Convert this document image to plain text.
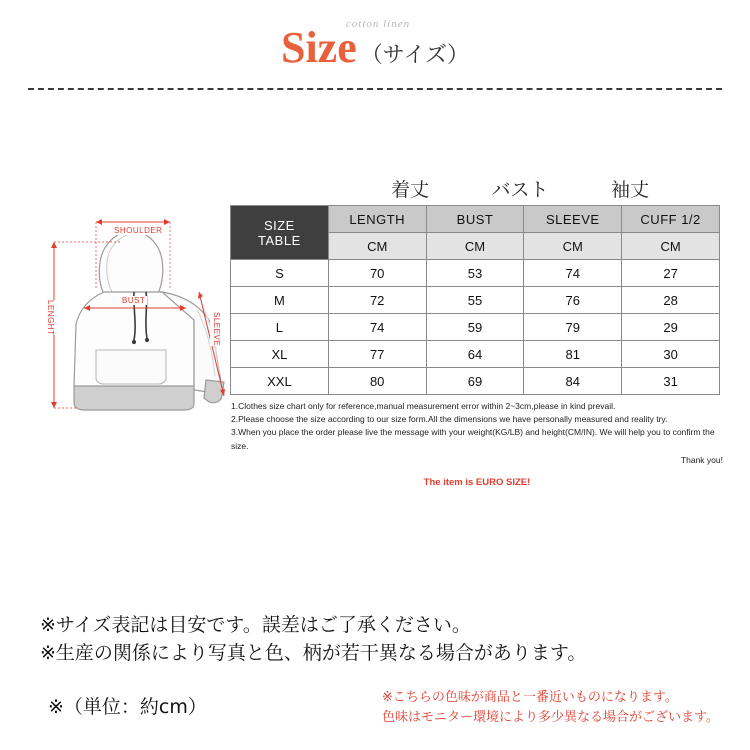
cotton linen
Size （サイズ）
着丈	バスト	袖丈
SHOULDER
BUST
LENGHT	SLEEVE
SIZE
TABLE	LENGTH	BUST	SLEEVE	CUFF 1/2
	CM	CM	CM	CM
S	70	53	74	27
M	72	55	76	28
L	74	59	79	29
XL	77	64	81	30
XXL	80	69	84	31
1.Clothes size chart only for reference,manual measurement error within 2~3cm,please in kind prevail.
2.Please choose the size according to our size form.All the dimensions we have personally measured and reality try.
3.When you place the order please live the message with your weight(KG/LB) and height(CM/IN). We will help you to confirm the size.
Thank you!
The item is EURO SIZE!
※サイズ表記は目安です。誤差はご了承ください。
※生産の関係により写真と色、柄が若干異なる場合があります。
※（単位：約cm）	※こちらの色味が商品と一番近いものになります。
色味はモニター環境により多少異なる場合がございます。
